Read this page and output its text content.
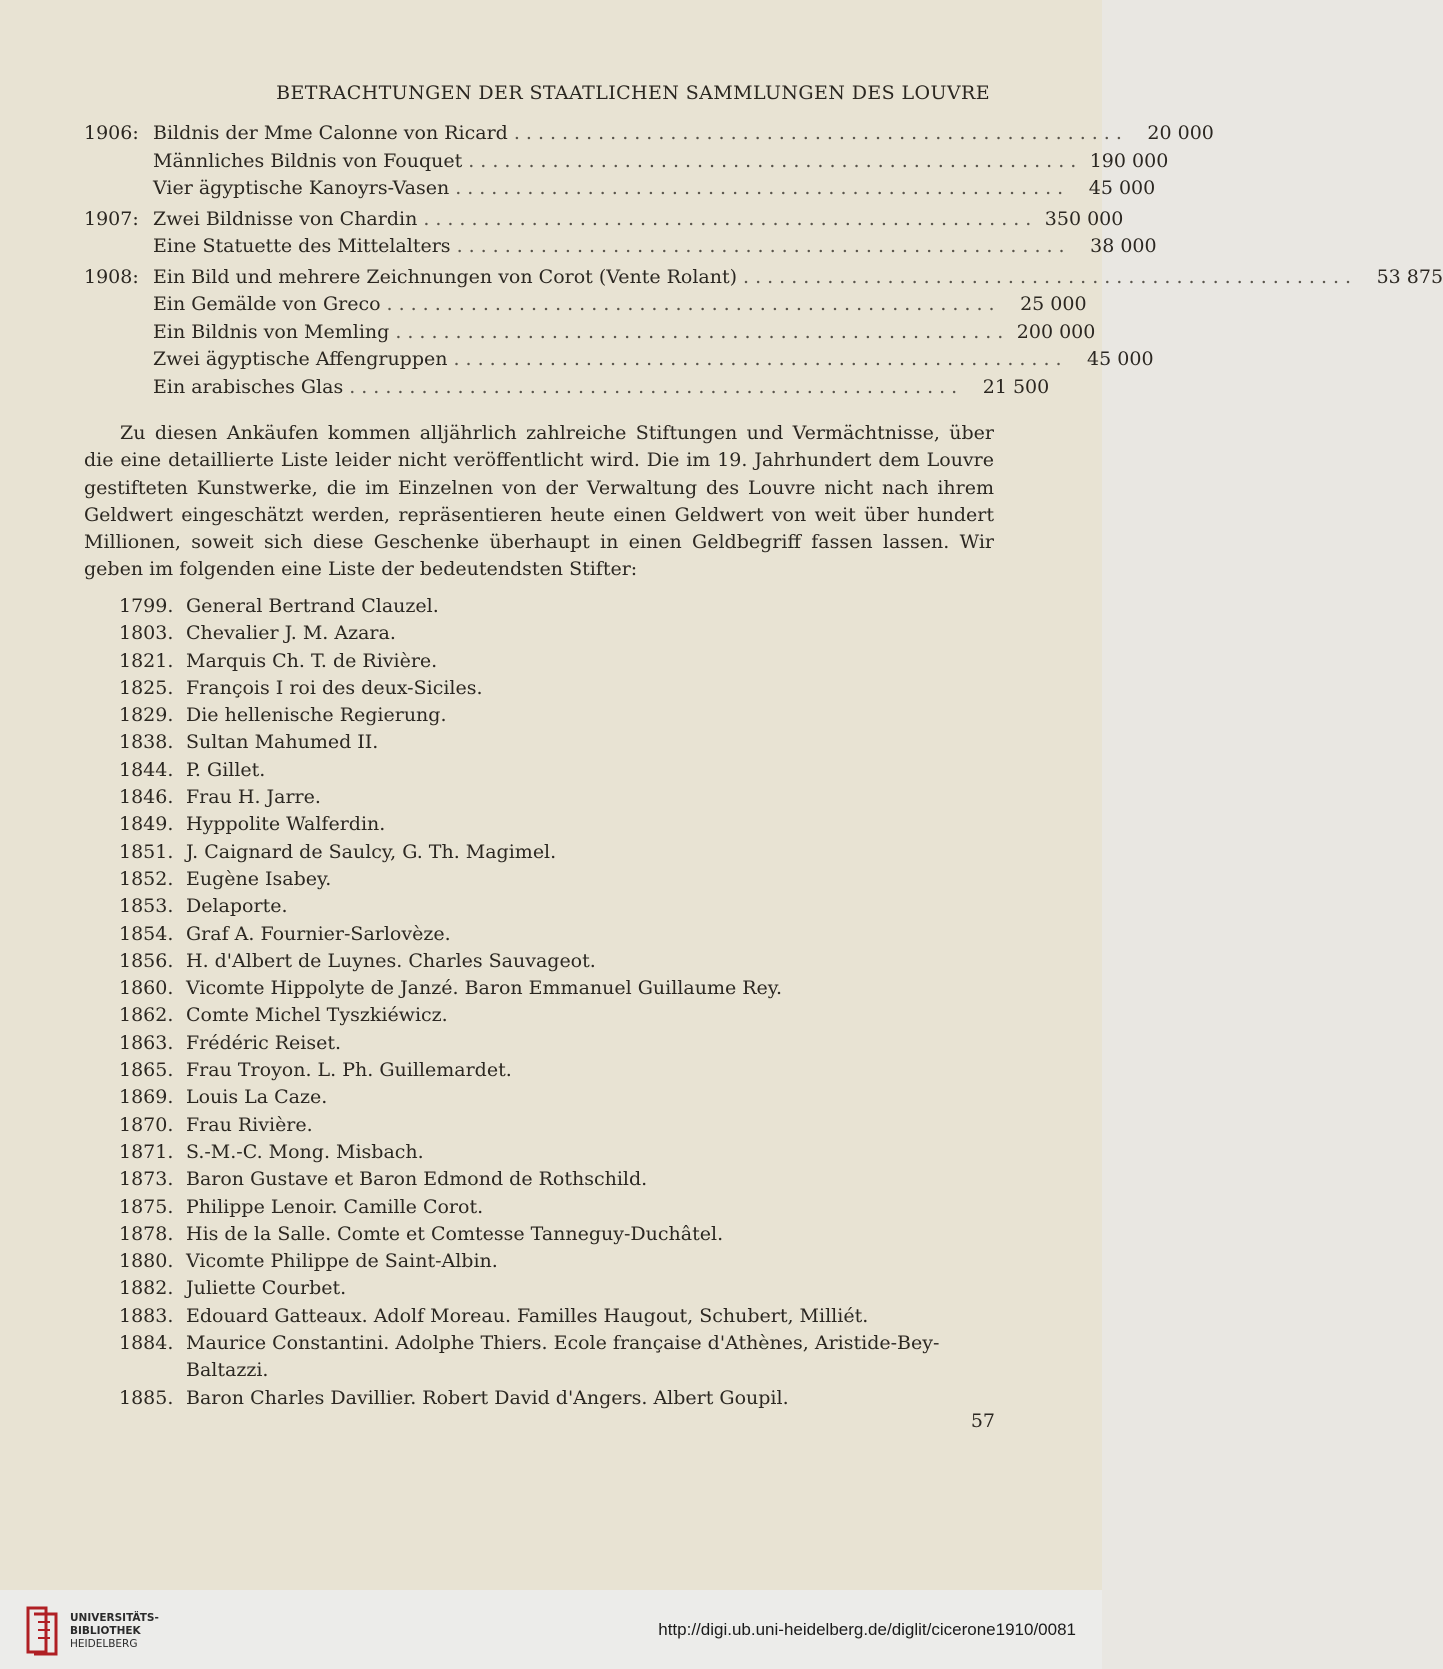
BETRACHTUNGEN DER STAATLICHEN SAMMLUNGEN DES LOUVRE
1906: Bildnis der Mme Calonne von Ricard ...................................................	20 000
Männliches Bildnis von Fouquet ................................................... 190 000
Vier ägyptische Kanoyrs-Vasen ...................................................	45 000
1907: Zwei Bildnisse von Chardin ................................................... 350 000
Eine Statuette des Mittelalters ...................................................	38 000
1908: Ein Bild und mehrere Zeichnungen von Corot (Vente Rolant) ...................................................	53 875
Ein Gemälde von Greco ...................................................	25 000
Ein Bildnis von Memling ................................................... 200 000
Zwei ägyptische Affengruppen ...................................................	45 000
Ein arabisches Glas ...................................................	21 500

Zu diesen Ankäufen kommen alljährlich zahlreiche Stiftungen und Vermächtnisse, über die eine detaillierte Liste leider nicht veröffentlicht wird. Die im 19. Jahrhundert dem Louvre gestifteten Kunstwerke, die im Einzelnen von der Verwaltung des Louvre nicht nach ihrem Geldwert eingeschätzt werden, repräsentieren heute einen Geldwert von weit über hundert Millionen, soweit sich diese Geschenke überhaupt in einen Geldbegriff fassen lassen. Wir geben im folgenden eine Liste der bedeutendsten Stifter:

1799. General Bertrand Clauzel.
1803. Chevalier J. M. Azara.
1821. Marquis Ch. T. de Rivière.
1825. François I roi des deux-Siciles.
1829. Die hellenische Regierung.
1838. Sultan Mahumed II.
1844. P. Gillet.
1846. Frau H. Jarre.
1849. Hyppolite Walferdin.
1851. J. Caignard de Saulcy, G. Th. Magimel.
1852. Eugène Isabey.
1853. Delaporte.
1854. Graf A. Fournier-Sarlovèze.
1856. H. d'Albert de Luynes. Charles Sauvageot.
1860. Vicomte Hippolyte de Janzé. Baron Emmanuel Guillaume Rey.
1862. Comte Michel Tyszkiéwicz.
1863. Frédéric Reiset.
1865. Frau Troyon. L. Ph. Guillemardet.
1869. Louis La Caze.
1870. Frau Rivière.
1871. S.-M.-C. Mong. Misbach.
1873. Baron Gustave et Baron Edmond de Rothschild.
1875. Philippe Lenoir. Camille Corot.
1878. His de la Salle. Comte et Comtesse Tanneguy-Duchâtel.
1880. Vicomte Philippe de Saint-Albin.
1882. Juliette Courbet.
1883. Edouard Gatteaux. Adolf Moreau. Familles Haugout, Schubert, Milliét.
1884. Maurice Constantini. Adolphe Thiers. Ecole française d'Athènes, Aristide-Bey-Baltazzi.
1885. Baron Charles Davillier. Robert David d'Angers. Albert Goupil.
57
UNIVERSITÄTS-
BIBLIOTHEK
HEIDELBERG
http://digi.ub.uni-heidelberg.de/diglit/cicerone1910/0081
